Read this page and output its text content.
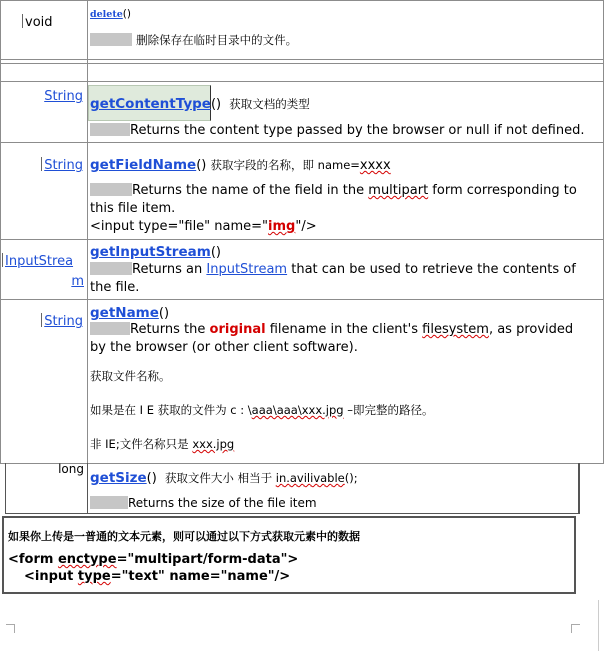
void
delete()
删除保存在临时目录中的文件。
String getContentType() 获取文档的类型
Returns the content type passed by the browser or null if not defined.
String getFieldName() 获取字段的名称，即 name=xxxx
Returns the name of the field in the multipart form corresponding to
this file item.
<input type="file" name="img"/>
InputStrea
m
getInputStream()
Returns an InputStream that can be used to retrieve the contents of
the file.
String
getName()
Returns the original filename in the client's filesystem, as provided
by the browser (or other client software).
获取文件名称。
如果是在 I E 获取的文件为 c : \aaa\aaa\xxx.jpg –即完整的路径。
非 IE;文件名称只是 xxx.jpg
long
getSize() 获取文件大小 相当于 in.avilivable();
Returns the size of the file item
如果你上传是一普通的文本元素，则可以通过以下方式获取元素中的数据
<form enctype="multipart/form-data">
<input type="text" name="name"/>
